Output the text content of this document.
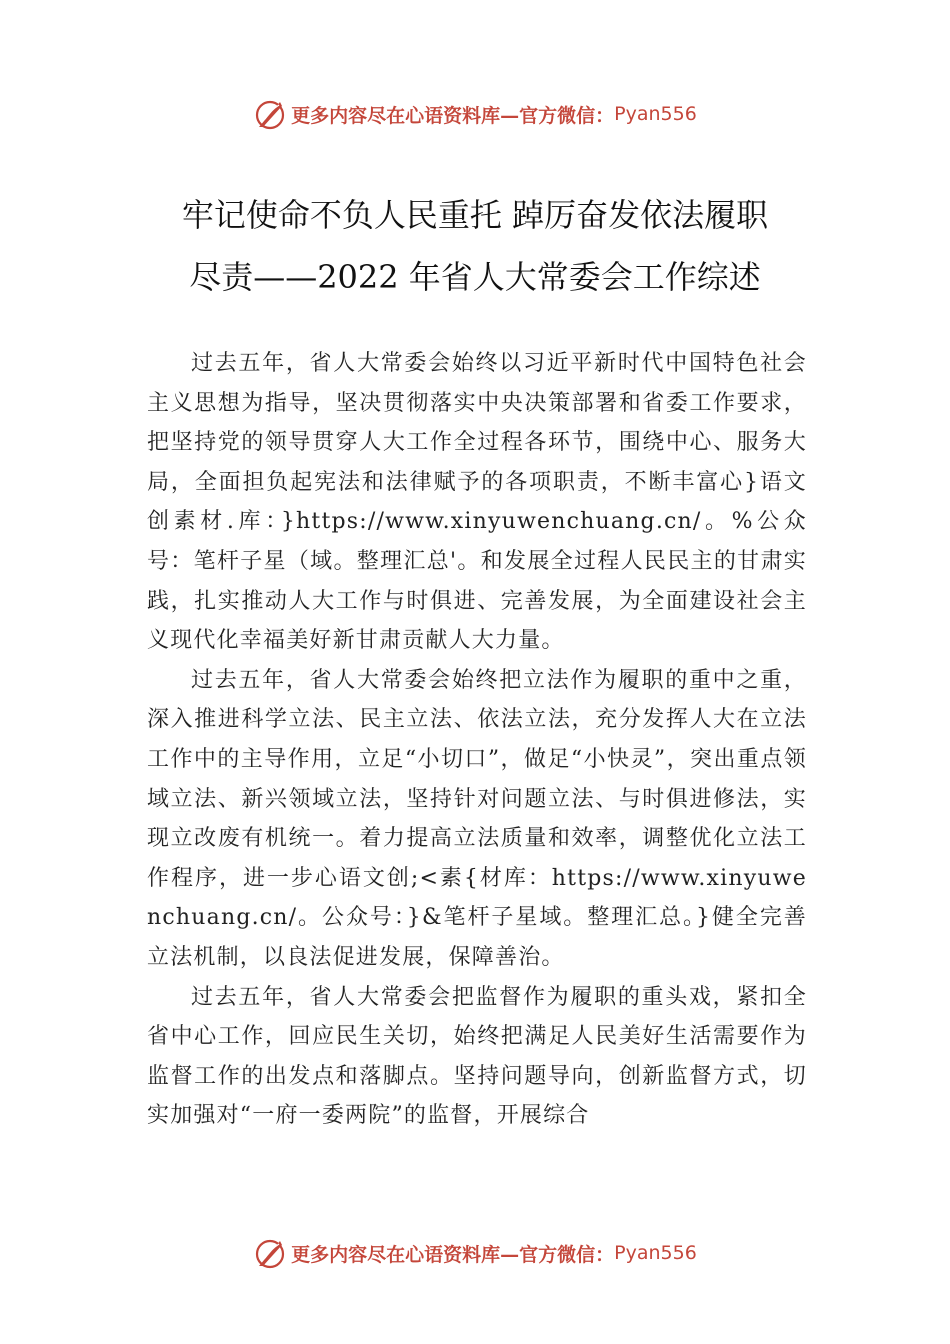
更多内容尽在心语资料库—官方微信： Pyan556
牢记使命不负人民重托 踔厉奋发依法履职
尽责——2022 年省人大常委会工作综述

过去五年，省人大常委会始终以习近平新时代中国特色社会主义思想为指导，坚决贯彻落实中央决策部署和省委工作要求，把坚持党的领导贯穿人大工作全过程各环节，围绕中心、服务大局，全面担负起宪法和法律赋予的各项职责，不断丰富心}语文创素材.库：}https://www.xinyuwenchuang.cn/。%公众号：笔杆子星（域。整理汇总'。和发展全过程人民民主的甘肃实践，扎实推动人大工作与时俱进、完善发展，为全面建设社会主义现代化幸福美好新甘肃贡献人大力量。

过去五年，省人大常委会始终把立法作为履职的重中之重，深入推进科学立法、民主立法、依法立法，充分发挥人大在立法工作中的主导作用，立足“小切口”，做足“小快灵”，突出重点领域立法、新兴领域立法，坚持针对问题立法、与时俱进修法，实现立改废有机统一。着力提高立法质量和效率，调整优化立法工作程序，进一步心语文创;<素{材库：https://www.xinyuwenchuang.cn/。公众号：}&笔杆子星域。整理汇总。}健全完善立法机制，以良法促进发展，保障善治。

过去五年，省人大常委会把监督作为履职的重头戏，紧扣全省中心工作，回应民生关切，始终把满足人民美好生活需要作为监督工作的出发点和落脚点。坚持问题导向，创新监督方式，切实加强对“一府一委两院”的监督，开展综合

更多内容尽在心语资料库—官方微信： Pyan556
